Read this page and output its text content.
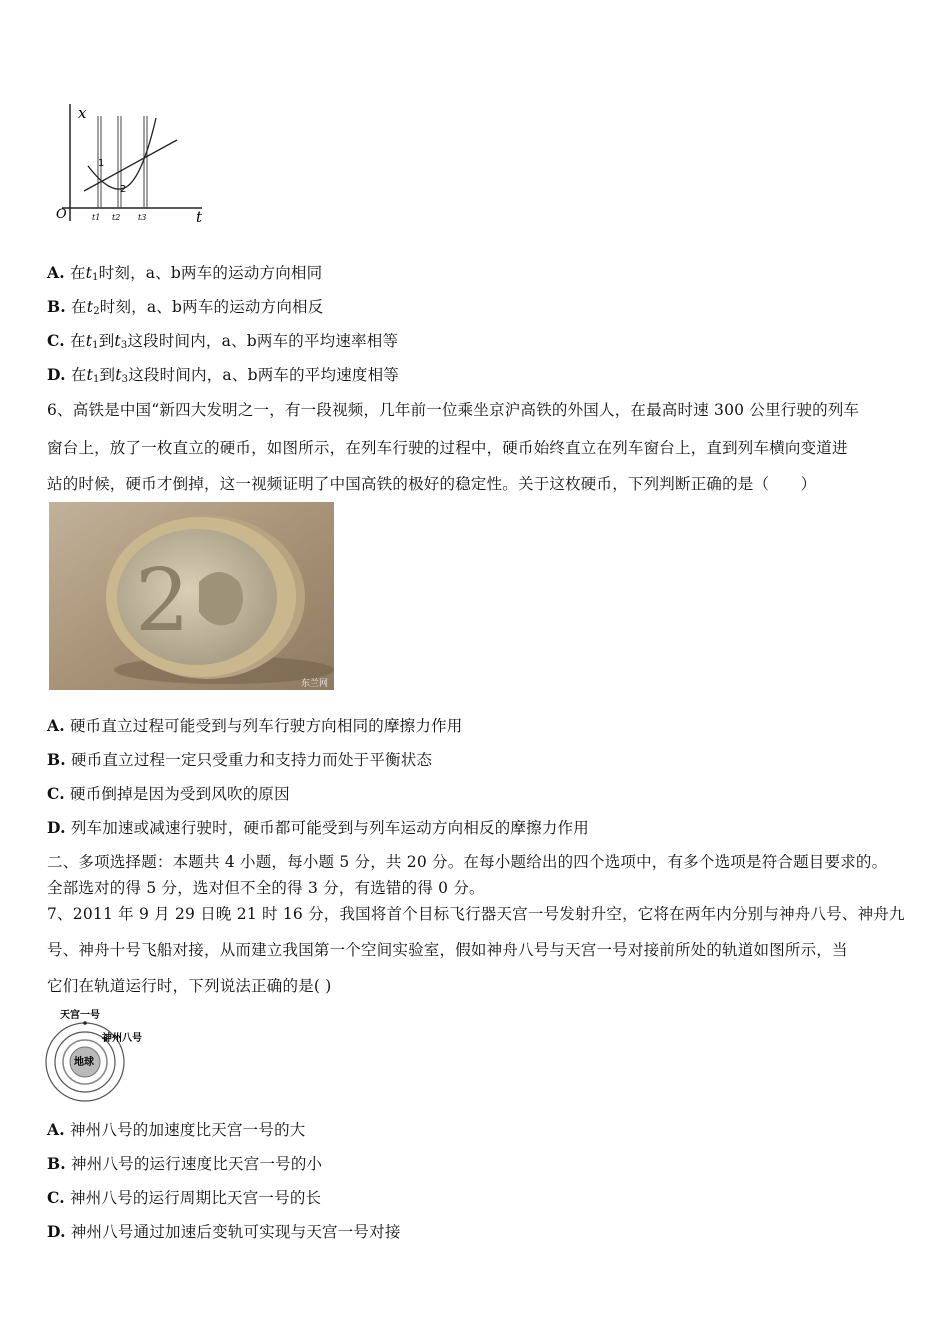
x
t
O
1
2
t1 t2 t3
A. 在$t_1$时刻，a、b两车的运动方向相同
B. 在$t_2$时刻，a、b两车的运动方向相反
C. 在$t_1$到$t_3$这段时间内，a、b两车的平均速率相等
D. 在$t_1$到$t_3$这段时间内，a、b两车的平均速度相等
6、高铁是中国“新四大发明之一，有一段视频，几年前一位乘坐京沪高铁的外国人，在最高时速 300 公里行驶的列车
窗台上，放了一枚直立的硬币，如图所示，在列车行驶的过程中，硬币始终直立在列车窗台上，直到列车横向变道进
站的时候，硬币才倒掉，这一视频证明了中国高铁的极好的稳定性。关于这枚硬币，下列判断正确的是（　　）
2
东兰网
A. 硬币直立过程可能受到与列车行驶方向相同的摩擦力作用
B. 硬币直立过程一定只受重力和支持力而处于平衡状态
C. 硬币倒掉是因为受到风吹的原因
D. 列车加速或减速行驶时，硬币都可能受到与列车运动方向相反的摩擦力作用
二、多项选择题：本题共 4 小题，每小题 5 分，共 20 分。在每小题给出的四个选项中，有多个选项是符合题目要求的。
全部选对的得 5 分，选对但不全的得 3 分，有选错的得 0 分。
7、2011 年 9 月 29 日晚 21 时 16 分，我国将首个目标飞行器天宫一号发射升空，它将在两年内分别与神舟八号、神舟九
号、神舟十号飞船对接，从而建立我国第一个空间实验室，假如神舟八号与天宫一号对接前所处的轨道如图所示，当
它们在轨道运行时，下列说法正确的是( )
天宫一号
神州八号
地球
A. 神州八号的加速度比天宫一号的大
B. 神州八号的运行速度比天宫一号的小
C. 神州八号的运行周期比天宫一号的长
D. 神州八号通过加速后变轨可实现与天宫一号对接
